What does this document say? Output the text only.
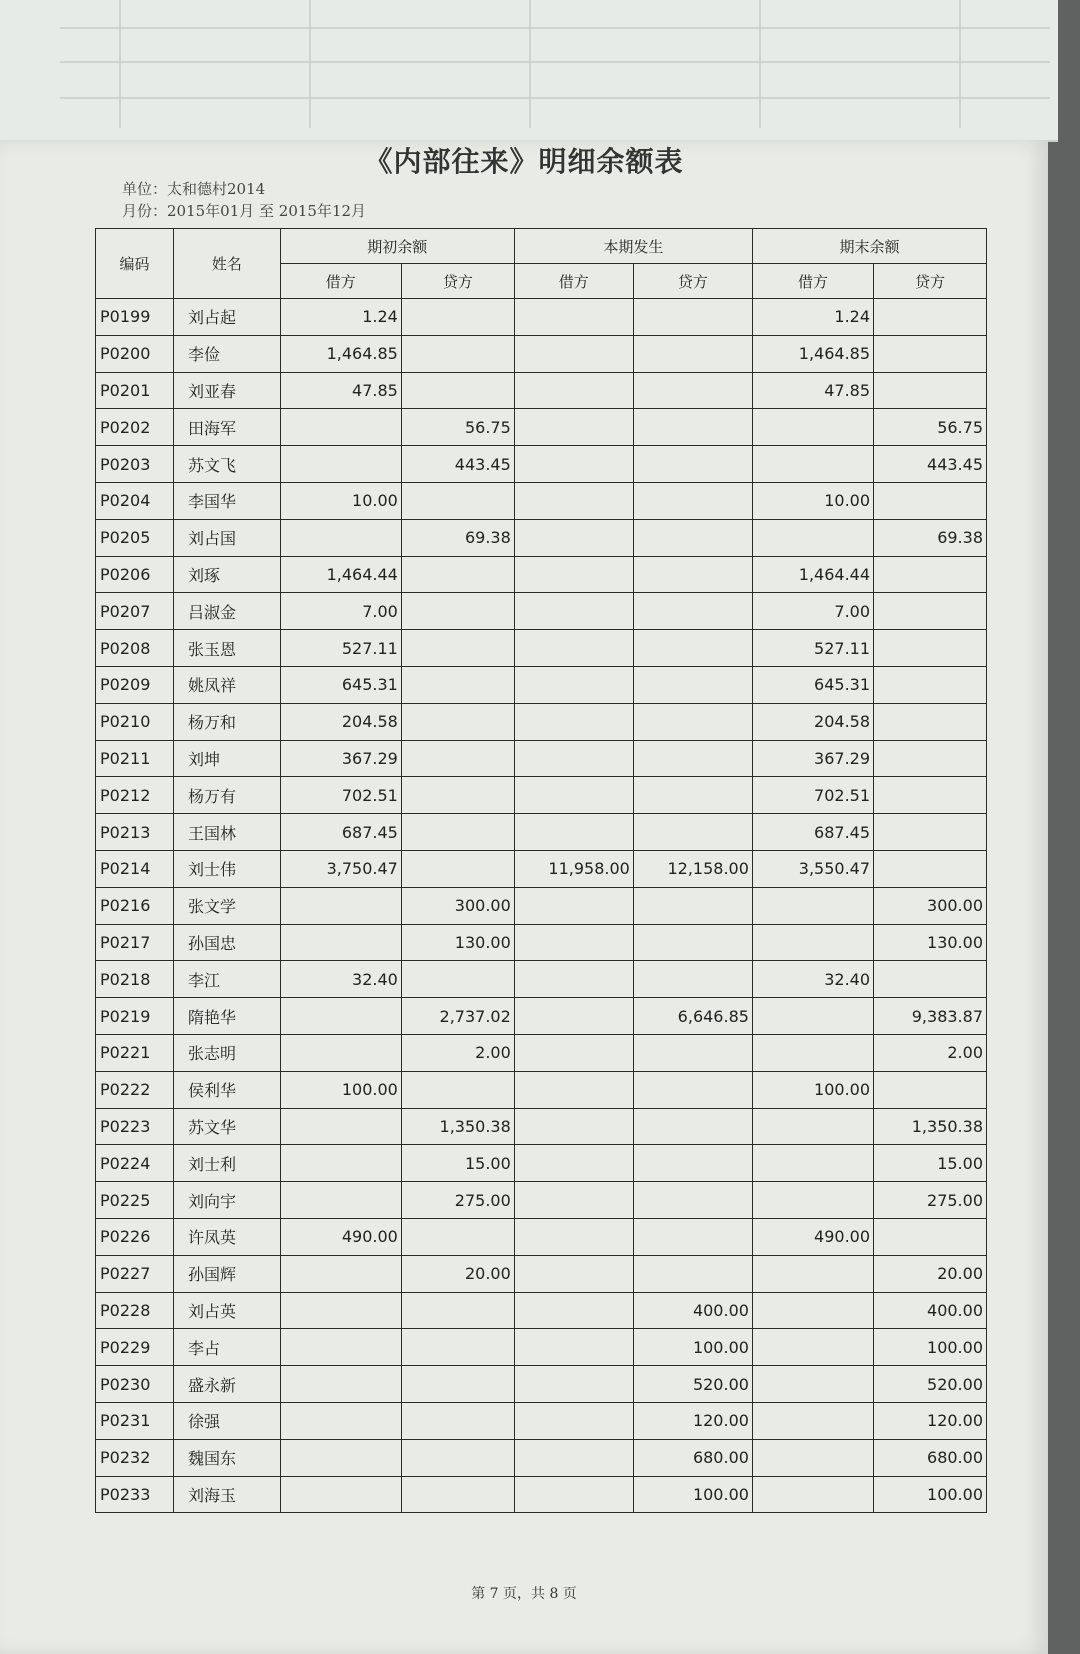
《内部往来》明细余额表
单位：太和德村2014
月份：2015年01月 至 2015年12月
编码	姓名	期初余额		本期发生		期末余额	
		借方	贷方	借方	贷方	借方	贷方
P0199	刘占起	1.24				1.24	
P0200	李俭	1,464.85				1,464.85	
P0201	刘亚春	47.85				47.85	
P0202	田海军		56.75				56.75
P0203	苏文飞		443.45				443.45
P0204	李国华	10.00				10.00	
P0205	刘占国		69.38				69.38
P0206	刘琢	1,464.44				1,464.44	
P0207	吕淑金	7.00				7.00	
P0208	张玉恩	527.11				527.11	
P0209	姚凤祥	645.31				645.31	
P0210	杨万和	204.58				204.58	
P0211	刘坤	367.29				367.29	
P0212	杨万有	702.51				702.51	
P0213	王国林	687.45				687.45	
P0214	刘士伟	3,750.47		11,958.00	12,158.00	3,550.47	
P0216	张文学		300.00				300.00
P0217	孙国忠		130.00				130.00
P0218	李江	32.40				32.40	
P0219	隋艳华		2,737.02		6,646.85		9,383.87
P0221	张志明		2.00				2.00
P0222	侯利华	100.00				100.00	
P0223	苏文华		1,350.38				1,350.38
P0224	刘士利		15.00				15.00
P0225	刘向宇		275.00				275.00
P0226	许凤英	490.00				490.00	
P0227	孙国辉		20.00				20.00
P0228	刘占英				400.00		400.00
P0229	李占				100.00		100.00
P0230	盛永新				520.00		520.00
P0231	徐强				120.00		120.00
P0232	魏国东				680.00		680.00
P0233	刘海玉				100.00		100.00
第 7 页，共 8 页
